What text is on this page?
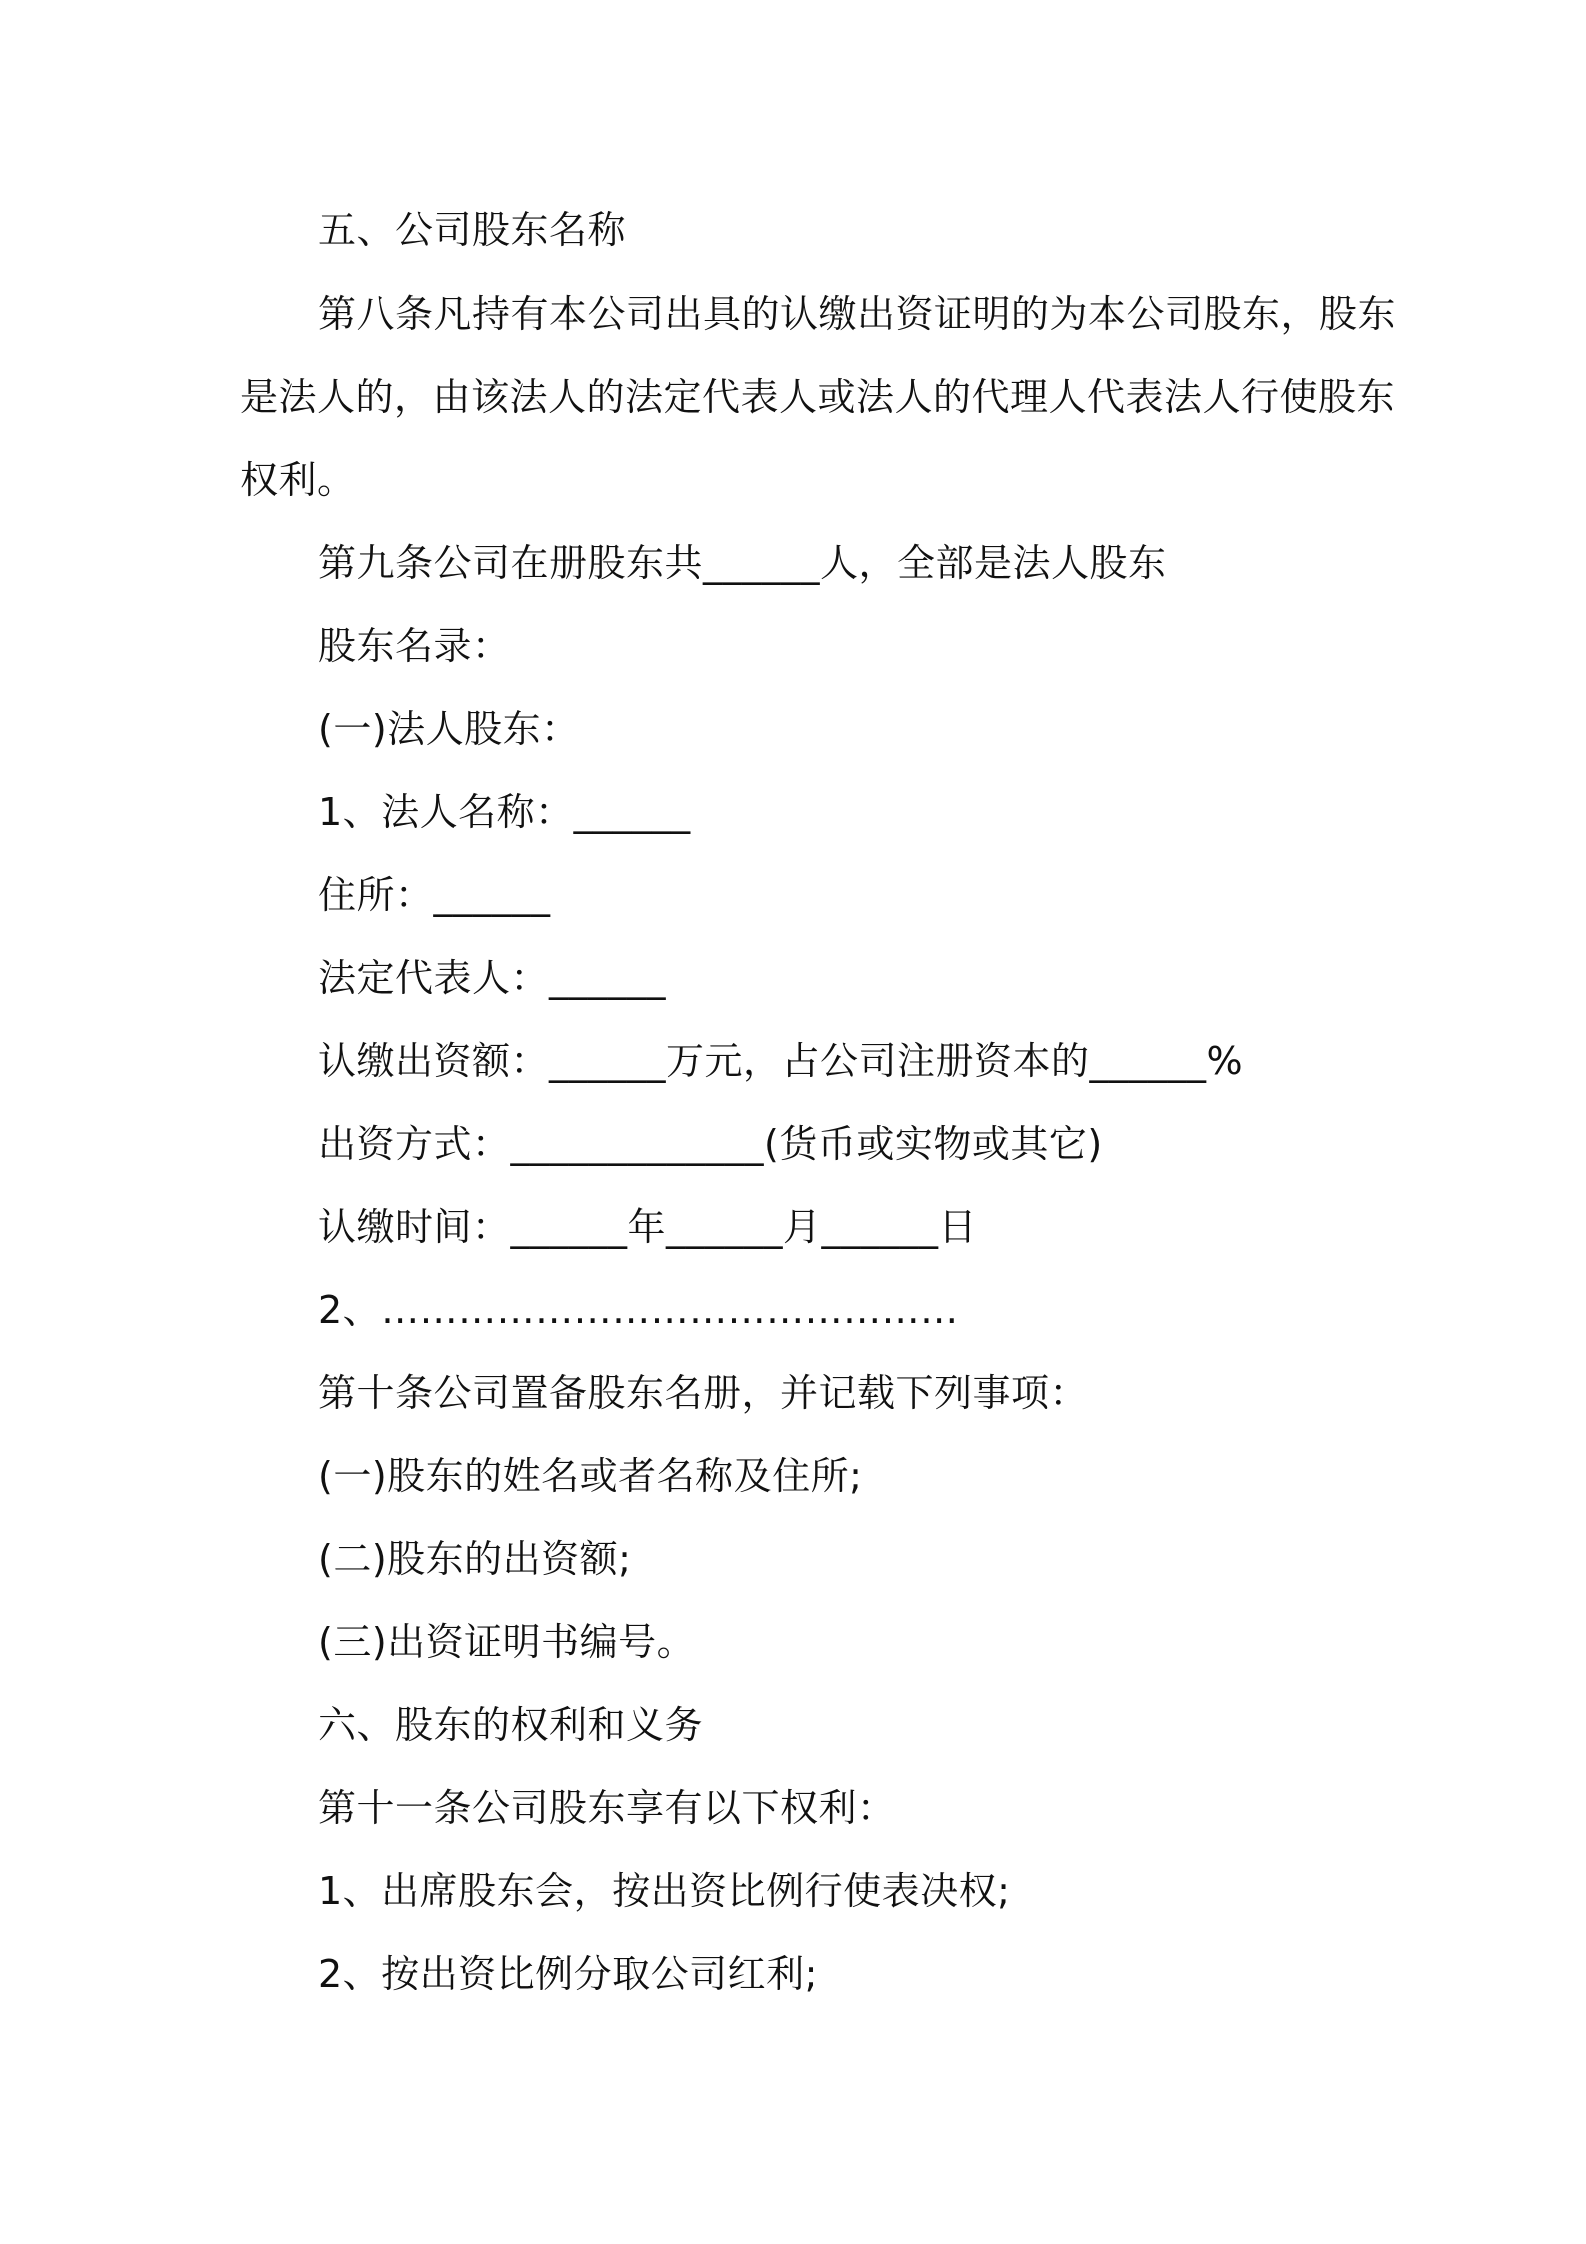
五、公司股东名称
第八条凡持有本公司出具的认缴出资证明的为本公司股东，股东
是法人的，由该法人的法定代表人或法人的代理人代表法人行使股东
权利。
第九条公司在册股东共______人，全部是法人股东
股东名录：
(一)法人股东：
1、法人名称：______
住所：______
法定代表人：______
认缴出资额：______万元，占公司注册资本的______%
出资方式：_____________(货币或实物或其它)
认缴时间：______年______月______日
2、………………………………………
第十条公司置备股东名册，并记载下列事项：
(一)股东的姓名或者名称及住所;
(二)股东的出资额;
(三)出资证明书编号。
六、股东的权利和义务
第十一条公司股东享有以下权利：
1、出席股东会，按出资比例行使表决权;
2、按出资比例分取公司红利;
